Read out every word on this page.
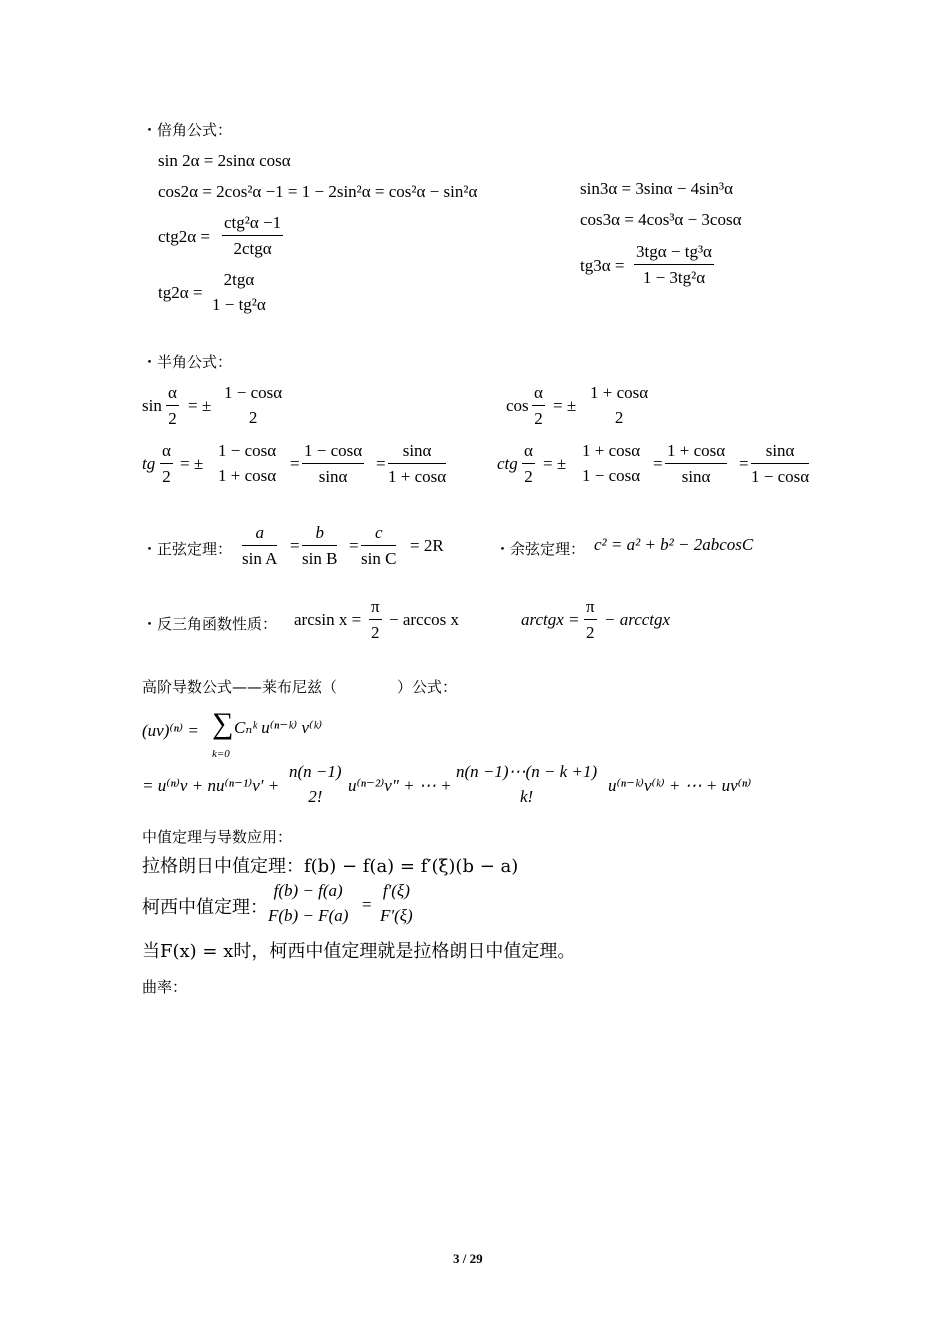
・倍角公式：
sin 2α = 2sinα cosα
cos2α = 2cos²α −1 = 1 − 2sin²α = cos²α − sin²α
ctg2α =
ctg²α −1
2ctgα
tg2α =
2tgα
1 − tg²α
sin3α = 3sinα − 4sin³α
cos3α = 4cos³α − 3cosα
tg3α =
3tgα − tg³α
1 − 3tg²α
・半角公式：
$\sin \frac{\alpha}{2}$ = ±
1 − cosα
2
$\cos \frac{\alpha}{2}$ = ±
1 + cosα
2
tg $\frac{\alpha}{2}$ = ±
1 − cosα
1 + cosα
= $\frac{1 - \cos\alpha}{\sin\alpha} = \frac{\sin\alpha}{1 + \cos\alpha}$	ctg $\frac{\alpha}{2}$ = ±
1 + cosα
1 − cosα
= $\frac{1 + \cos\alpha}{\sin\alpha} = \frac{\sin\alpha}{1 - \cos\alpha}$
・正弦定理： $\frac{a}{\text{sin A}} = \frac{b}{\text{sin B}} = \frac{c}{\text{sin C}} = 2R$	・余弦定理： c² = a² + b² − 2abcosC
・反三角函数性质： $\arcsin x = \frac{\pi}{2} - \arccos x$	arctgx = $\frac{\pi}{2}$ − arcctgx
高阶导数公式——莱布尼兹（　　　　）公式：
(uv)⁽ⁿ⁾ = ∑ Cₙᵏ u⁽ⁿ⁻ᵏ⁾ v⁽ᵏ⁾
k=0
= u⁽ⁿ⁾v + nu⁽ⁿ⁻¹⁾v′ +
n(n −1)
2!
u⁽ⁿ⁻²⁾v″ + ⋯ +
n(n −1)⋯(n − k +1)
k!
u⁽ⁿ⁻ᵏ⁾v⁽ᵏ⁾ + ⋯ + uv⁽ⁿ⁾
中值定理与导数应用：
拉格朗日中值定理：f(b) − f(a) = f′(ξ)(b − a)
柯西中值定理：
f(b) − f(a)
F(b) − F(a)
=
f′(ξ)
F′(ξ)
当F(x) = x时，柯西中值定理就是拉格朗日中值定理。
曲率：
3 / 29
